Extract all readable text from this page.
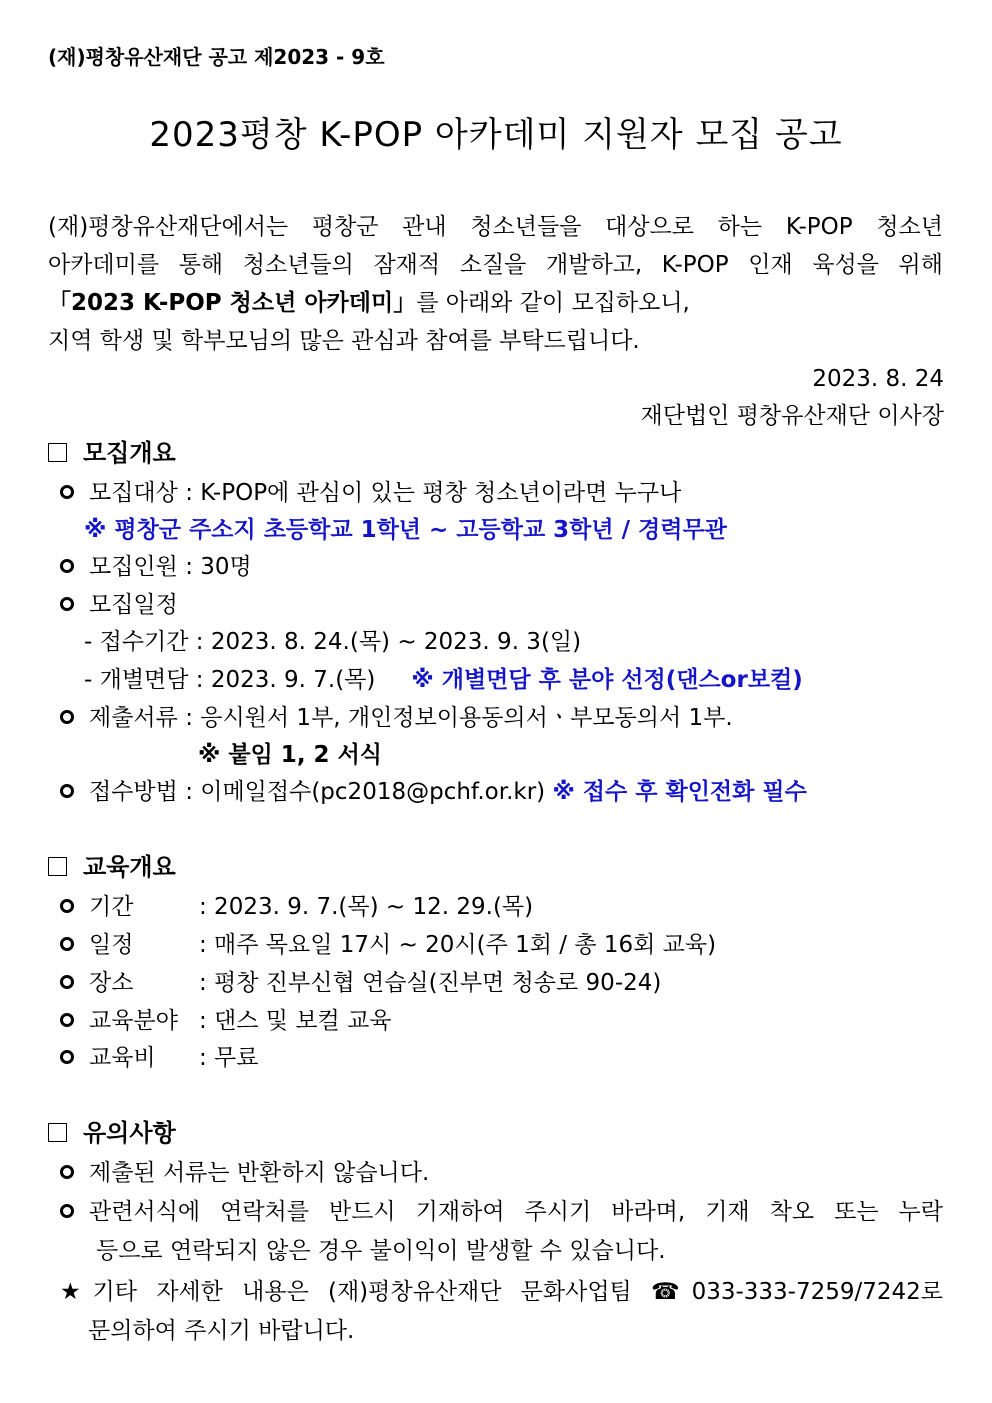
(재)평창유산재단 공고 제2023 - 9호
2023평창 K-POP 아카데미 지원자 모집 공고
(재)평창유산재단에서는 평창군 관내 청소년들을 대상으로 하는 K-POP 청소년
아카데미를 통해 청소년들의 잠재적 소질을 개발하고, K-POP 인재 육성을 위해
「2023 K-POP 청소년 아카데미」를 아래와 같이 모집하오니,
지역 학생 및 학부모님의 많은 관심과 참여를 부탁드립니다.
2023. 8. 24
재단법인 평창유산재단 이사장
모집개요
모집대상 : K-POP에 관심이 있는 평창 청소년이라면 누구나
※ 평창군 주소지 초등학교 1학년 ~ 고등학교 3학년 / 경력무관
모집인원 : 30명
모집일정
- 접수기간 : 2023. 8. 24.(목) ~ 2023. 9. 3(일)
- 개별면담 : 2023. 9. 7.(목) ※ 개별면담 후 분야 선정(댄스or보컬)
제출서류 : 응시원서 1부, 개인정보이용동의서ㆍ부모동의서 1부.
※ 붙임 1, 2 서식
접수방법 : 이메일접수(pc2018@pchf.or.kr) ※ 접수 후 확인전화 필수
교육개요
기간	: 2023. 9. 7.(목) ~ 12. 29.(목)
일정	: 매주 목요일 17시 ~ 20시(주 1회 / 총 16회 교육)
장소	: 평창 진부신협 연습실(진부면 청송로 90-24)
교육분야 : 댄스 및 보컬 교육
교육비 : 무료
유의사항
제출된 서류는 반환하지 않습니다.
관련서식에 연락처를 반드시 기재하여 주시기 바라며, 기재 착오 또는 누락
등으로 연락되지 않은 경우 불이익이 발생할 수 있습니다.
★기타 자세한 내용은 (재)평창유산재단 문화사업팀 ☎033-333-7259/7242로
문의하여 주시기 바랍니다.
